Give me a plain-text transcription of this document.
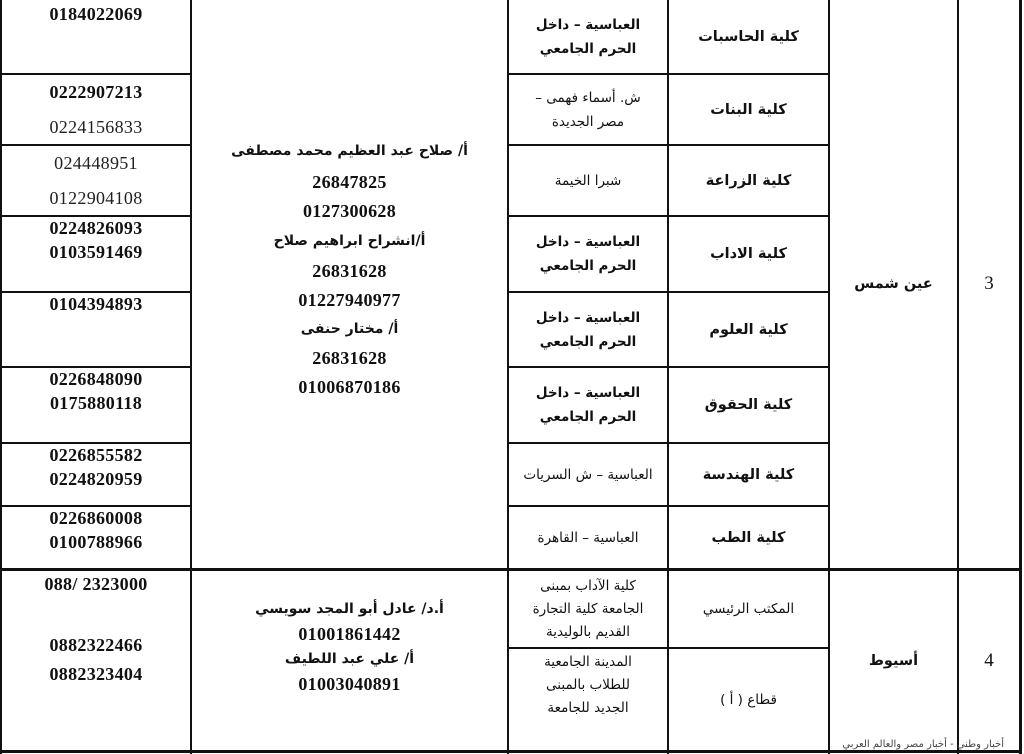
3
عين شمس
كلية الحاسبات
كلية البنات
كلية الزراعة
كلية الاداب
كلية العلوم
كلية الحقوق
كلية الهندسة
كلية الطب
العباسية – داخل
الحرم الجامعي
ش. أسماء فهمى –
مصر الجديدة
شبرا الخيمة
العباسية – داخل
الحرم الجامعي
العباسية – داخل
الحرم الجامعي
العباسية – داخل
الحرم الجامعي
العباسية – ش السريات
العباسية – القاهرة
أ/ صلاح عبد العظيم محمد مصطفى
26847825
0127300628
أ/انشراح ابراهيم صلاح
26831628
01227940977
أ/ مختار حنفى
26831628
01006870186
0184022069
0222907213
0224156833
024448951
0122904108
0224826093
0103591469
0104394893
0226848090
0175880118
0226855582
0224820959
0226860008
0100788966
4
أسيوط
المكتب الرئيسي
قطاع ( أ )
كلية الآداب بمبنى
الجامعة كلية التجارة
القديم بالوليدية
المدينة الجامعية
للطلاب بالمبنى
الجديد للجامعة
أ.د/ عادل أبو المجد سويسي
01001861442
أ/ علي عبد اللطيف
01003040891
088/ 2323000
0882322466
0882323404
أخبار وطني - أخبار مصر والعالم العربي
